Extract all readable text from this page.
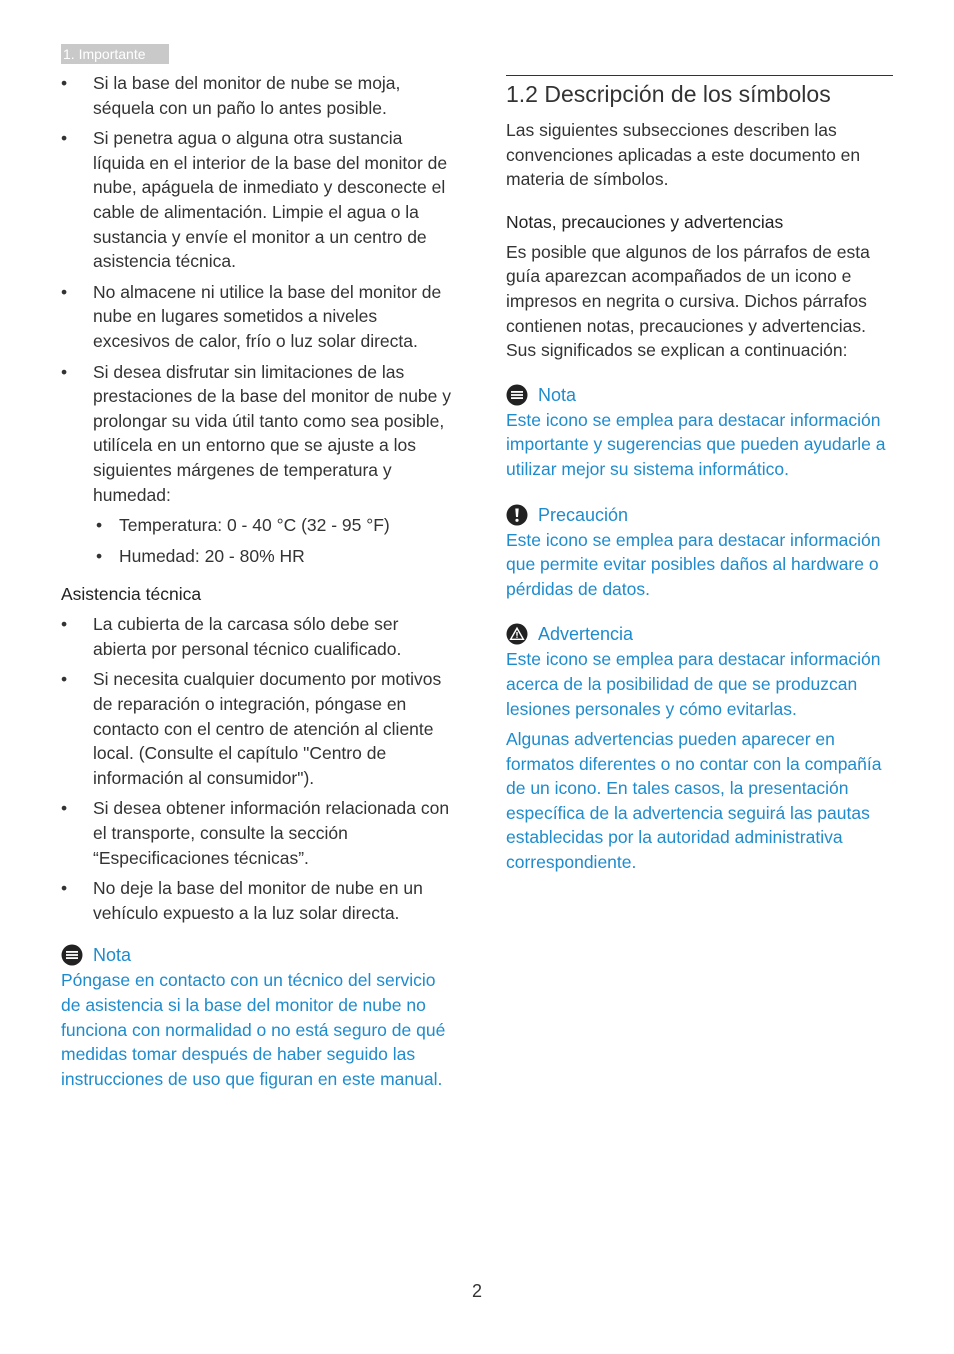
1. Importante
• Si la base del monitor de nube se moja, séquela con un paño lo antes posible.
• Si penetra agua o alguna otra sustancia líquida en el interior de la base del monitor de nube, apáguela de inmediato y desconecte el cable de alimentación. Limpie el agua o la sustancia y envíe el monitor a un centro de asistencia técnica.
• No almacene ni utilice la base del monitor de nube en lugares sometidos a niveles excesivos de calor, frío o luz solar directa.
• Si desea disfrutar sin limitaciones de las prestaciones de la base del monitor de nube y prolongar su vida útil tanto como sea posible, utilícela en un entorno que se ajuste a los siguientes márgenes de temperatura y humedad:
• Temperatura: 0 - 40 °C (32 - 95 °F)
• Humedad: 20 - 80% HR
Asistencia técnica
• La cubierta de la carcasa sólo debe ser abierta por personal técnico cualificado.
• Si necesita cualquier documento por motivos de reparación o integración, póngase en contacto con el centro de atención al cliente local. (Consulte el capítulo "Centro de información al consumidor").
• Si desea obtener información relacionada con el transporte, consulte la sección “Especificaciones técnicas”.
• No deje la base del monitor de nube en un vehículo expuesto a la luz solar directa.
Nota
Póngase en contacto con un técnico del servicio de asistencia si la base del monitor de nube no funciona con normalidad o no está seguro de qué medidas tomar después de haber seguido las instrucciones de uso que figuran en este manual.
1.2 Descripción de los símbolos
Las siguientes subsecciones describen las convenciones aplicadas a este documento en materia de símbolos.
Notas, precauciones y advertencias
Es posible que algunos de los párrafos de esta guía aparezcan acompañados de un icono e impresos en negrita o cursiva. Dichos párrafos contienen notas, precauciones y advertencias. Sus significados se explican a continuación:
Nota
Este icono se emplea para destacar información importante y sugerencias que pueden ayudarle a utilizar mejor su sistema informático.
Precaución
Este icono se emplea para destacar información que permite evitar posibles daños al hardware o pérdidas de datos.
Advertencia
Este icono se emplea para destacar información acerca de la posibilidad de que se produzcan lesiones personales y cómo evitarlas.
Algunas advertencias pueden aparecer en formatos diferentes o no contar con la compañía de un icono. En tales casos, la presentación específica de la advertencia seguirá las pautas establecidas por la autoridad administrativa correspondiente.
2
